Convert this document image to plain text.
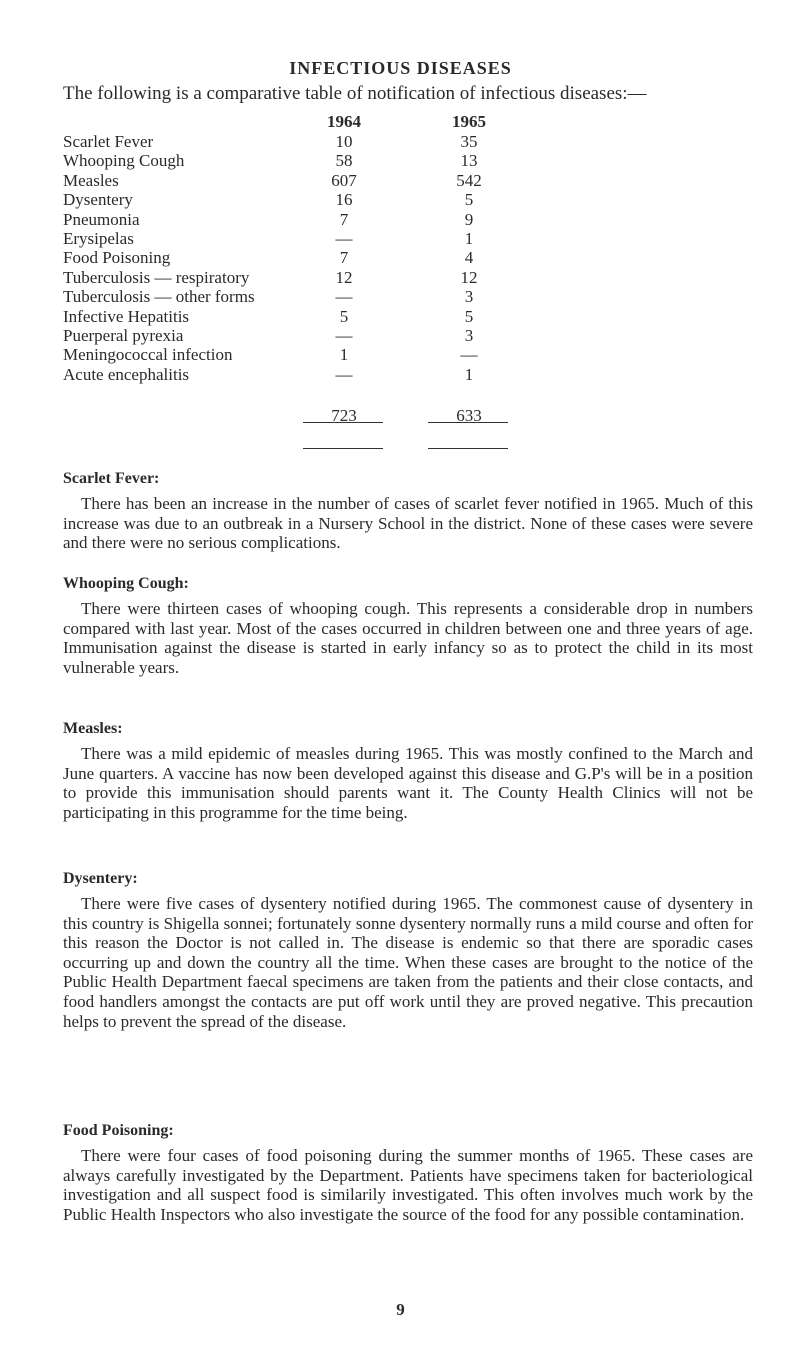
INFECTIOUS DISEASES
The following is a comparative table of notification of infectious diseases:—
1964	1965
Scarlet Fever	10	35
Whooping Cough	58	13
Measles	607	542
Dysentery	16	5
Pneumonia	7	9
Erysipelas	—	1
Food Poisoning	7	4
Tuberculosis — respiratory	12	12
Tuberculosis — other forms	—	3
Infective Hepatitis	5	5
Puerperal pyrexia	—	3
Meningococcal infection	1	—
Acute encephalitis	—	1
723	633
Scarlet Fever:

There has been an increase in the number of cases of scarlet fever notified in 1965. Much of this increase was due to an outbreak in a Nursery School in the district. None of these cases were severe and there were no serious complications.

Whooping Cough:

There were thirteen cases of whooping cough. This represents a considerable drop in numbers compared with last year. Most of the cases occurred in children between one and three years of age. Immunisation against the disease is started in early infancy so as to protect the child in its most vulnerable years.

Measles:

There was a mild epidemic of measles during 1965. This was mostly confined to the March and June quarters. A vaccine has now been developed against this disease and G.P's will be in a position to provide this immunisation should parents want it. The County Health Clinics will not be participating in this programme for the time being.

Dysentery:

There were five cases of dysentery notified during 1965. The commonest cause of dysentery in this country is Shigella sonnei; fortunately sonne dysentery normally runs a mild course and often for this reason the Doctor is not called in. The disease is endemic so that there are sporadic cases occurring up and down the country all the time. When these cases are brought to the notice of the Public Health Department faecal specimens are taken from the patients and their close contacts, and food handlers amongst the contacts are put off work until they are proved negative. This precaution helps to prevent the spread of the disease.

Food Poisoning:

There were four cases of food poisoning during the summer months of 1965. These cases are always carefully investigated by the Department. Patients have specimens taken for bacteriological investigation and all suspect food is similarily investigated. This often involves much work by the Public Health Inspectors who also investigate the source of the food for any possible contamination.

9
